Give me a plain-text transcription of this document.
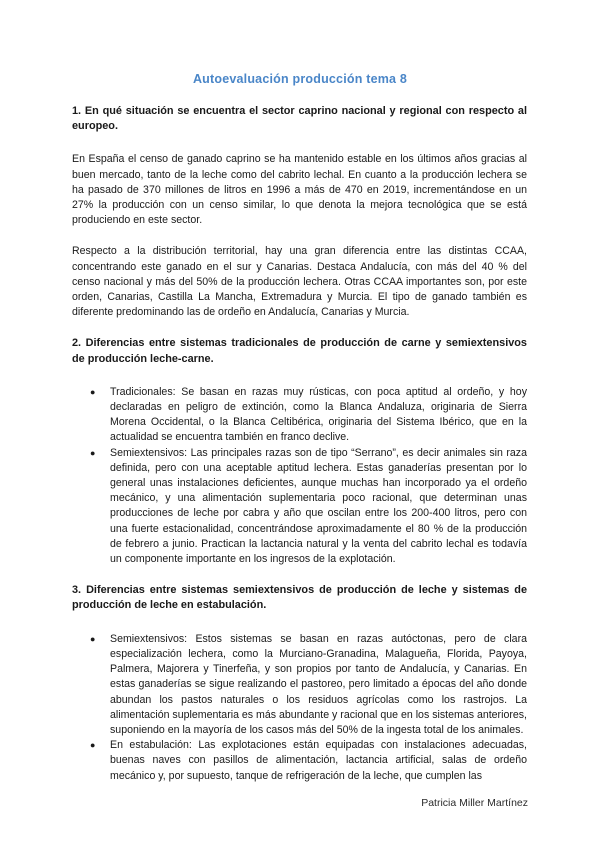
Autoevaluación producción tema 8
1. En qué situación se encuentra el sector caprino nacional y regional con respecto al europeo.

En España el censo de ganado caprino se ha mantenido estable en los últimos años gracias al buen mercado, tanto de la leche como del cabrito lechal. En cuanto a la producción lechera se ha pasado de 370 millones de litros en 1996 a más de 470 en 2019, incrementándose en un 27% la producción con un censo similar, lo que denota la mejora tecnológica que se está produciendo en este sector.

Respecto a la distribución territorial, hay una gran diferencia entre las distintas CCAA, concentrando este ganado en el sur y Canarias. Destaca Andalucía, con más del 40 % del censo nacional y más del 50% de la producción lechera. Otras CCAA importantes son, por este orden, Canarias, Castilla La Mancha, Extremadura y Murcia. El tipo de ganado también es diferente predominando las de ordeño en Andalucía, Canarias y Murcia.

2. Diferencias entre sistemas tradicionales de producción de carne y semiextensivos de producción leche-carne.
● Tradicionales: Se basan en razas muy rústicas, con poca aptitud al ordeño, y hoy declaradas en peligro de extinción, como la Blanca Andaluza, originaria de Sierra Morena Occidental, o la Blanca Celtibérica, originaria del Sistema Ibérico, que en la actualidad se encuentra también en franco declive.
● Semiextensivos: Las principales razas son de tipo “Serrano”, es decir animales sin raza definida, pero con una aceptable aptitud lechera. Estas ganaderías presentan por lo general unas instalaciones deficientes, aunque muchas han incorporado ya el ordeño mecánico, y una alimentación suplementaria poco racional, que determinan unas producciones de leche por cabra y año que oscilan entre los 200-400 litros, pero con una fuerte estacionalidad, concentrándose aproximadamente el 80 % de la producción de febrero a junio. Practican la lactancia natural y la venta del cabrito lechal es todavía un componente importante en los ingresos de la explotación.
3. Diferencias entre sistemas semiextensivos de producción de leche y sistemas de producción de leche en estabulación.
● Semiextensivos: Estos sistemas se basan en razas autóctonas, pero de clara especialización lechera, como la Murciano-Granadina, Malagueña, Florida, Payoya, Palmera, Majorera y Tinerfeña, y son propios por tanto de Andalucía, y Canarias. En estas ganaderías se sigue realizando el pastoreo, pero limitado a épocas del año donde abundan los pastos naturales o los residuos agrícolas como los rastrojos. La alimentación suplementaria es más abundante y racional que en los sistemas anteriores, suponiendo en la mayoría de los casos más del 50% de la ingesta total de los animales.
● En estabulación: Las explotaciones están equipadas con instalaciones adecuadas, buenas naves con pasillos de alimentación, lactancia artificial, salas de ordeño mecánico y, por supuesto, tanque de refrigeración de la leche, que cumplen las

Patricia Miller Martínez
